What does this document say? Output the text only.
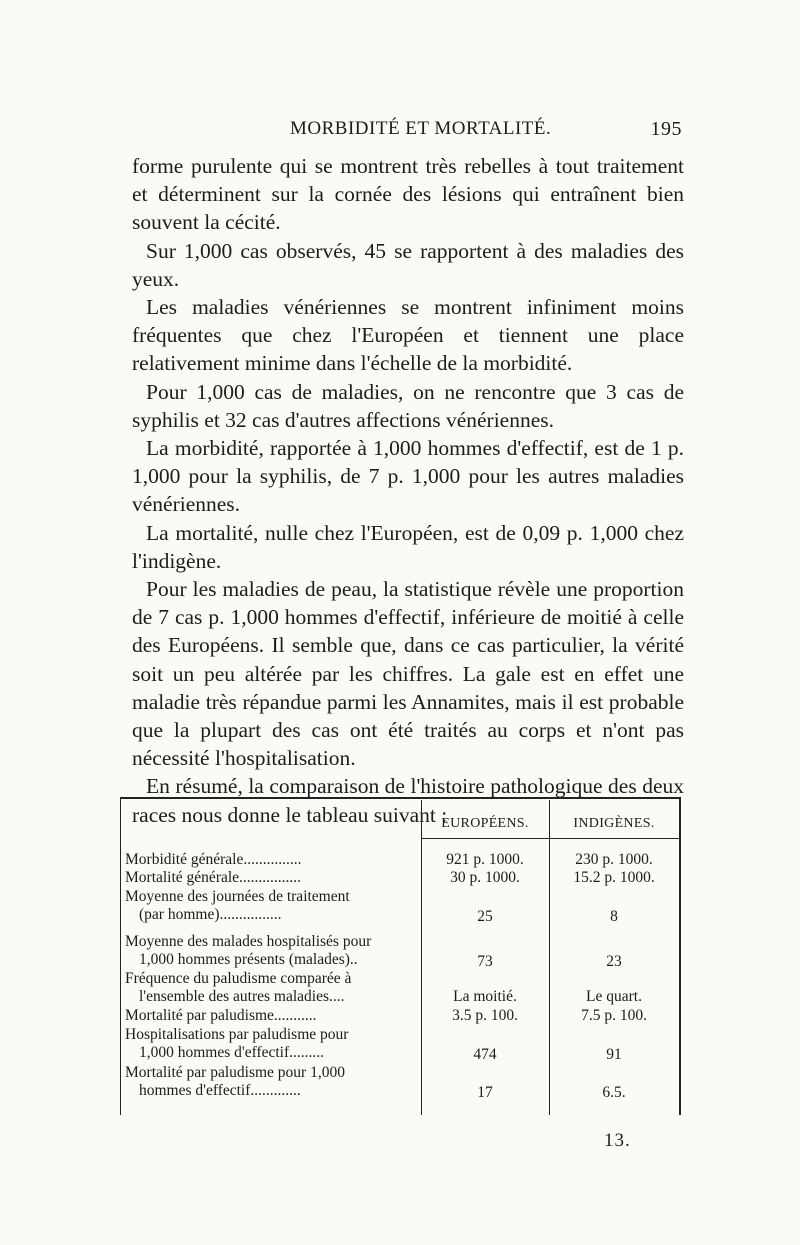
MORBIDITÉ ET MORTALITÉ.	195

forme purulente qui se montrent très rebelles à tout traitement et déterminent sur la cornée des lésions qui entraînent bien souvent la cécité.

Sur 1,000 cas observés, 45 se rapportent à des maladies des yeux.

Les maladies vénériennes se montrent infiniment moins fréquentes que chez l'Européen et tiennent une place relativement minime dans l'échelle de la morbidité.

Pour 1,000 cas de maladies, on ne rencontre que 3 cas de syphilis et 32 cas d'autres affections vénériennes.

La morbidité, rapportée à 1,000 hommes d'effectif, est de 1 p. 1,000 pour la syphilis, de 7 p. 1,000 pour les autres maladies vénériennes.

La mortalité, nulle chez l'Européen, est de 0,09 p. 1,000 chez l'indigène.

Pour les maladies de peau, la statistique révèle une proportion de 7 cas p. 1,000 hommes d'effectif, inférieure de moitié à celle des Européens. Il semble que, dans ce cas particulier, la vérité soit un peu altérée par les chiffres. La gale est en effet une maladie très répandue parmi les Annamites, mais il est probable que la plupart des cas ont été traités au corps et n'ont pas nécessité l'hospitalisation.

En résumé, la comparaison de l'histoire pathologique des deux races nous donne le tableau suivant :

EUROPÉENS.	INDIGÈNES.
Morbidité générale...............	921 p. 1000.	230 p. 1000.
Mortalité générale................	30 p. 1000.	15.2 p. 1000.
Moyenne des journées de traitement
(par homme)................	25	8
Moyenne des malades hospitalisés pour
1,000 hommes présents (malades)..	73	23
Fréquence du paludisme comparée à
l'ensemble des autres maladies....	La moitié.	Le quart.
Mortalité par paludisme...........	3.5 p. 100.	7.5 p. 100.
Hospitalisations par paludisme pour
1,000 hommes d'effectif.........	474	91
Mortalité par paludisme pour 1,000
hommes d'effectif.............	17	6.5.
13.
